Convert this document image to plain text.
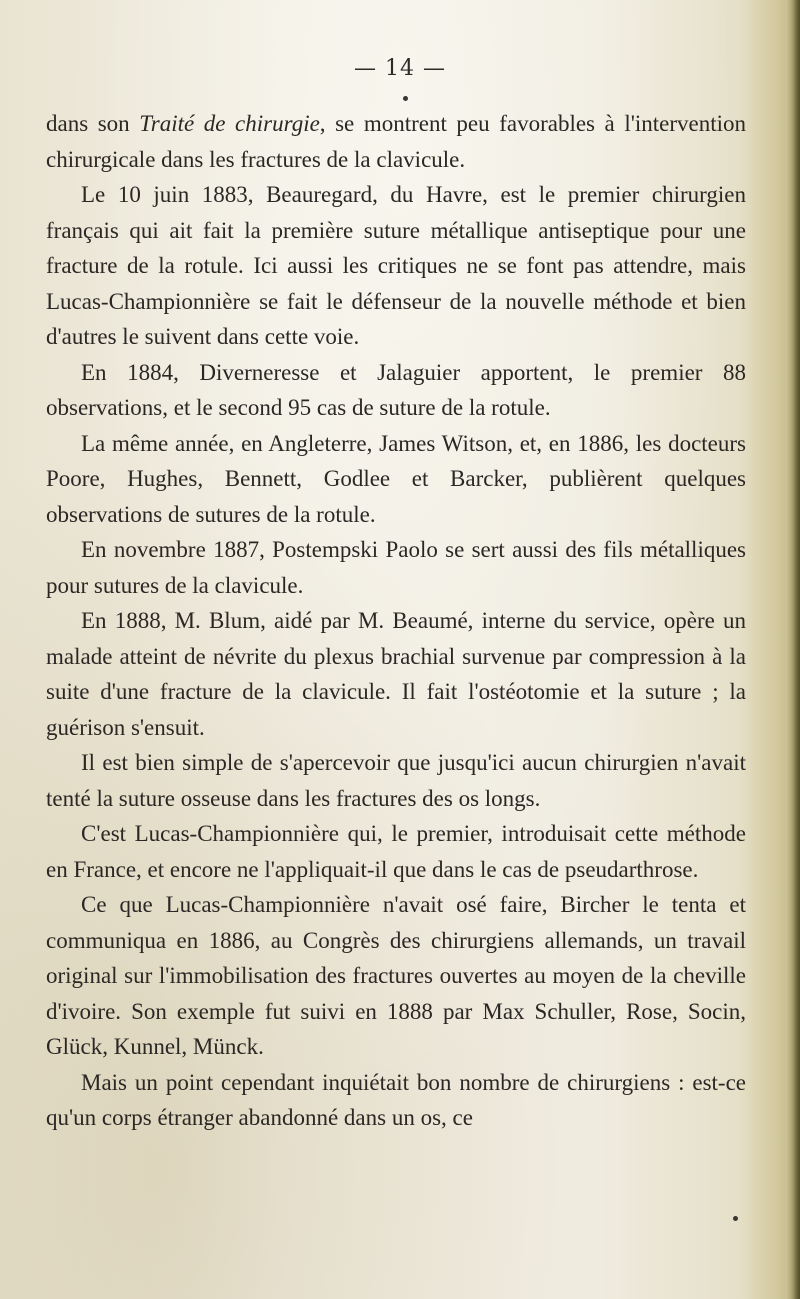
— 14 —

dans son Traité de chirurgie, se montrent peu favorables à l'intervention chirurgicale dans les fractures de la clavicule.

Le 10 juin 1883, Beauregard, du Havre, est le premier chirurgien français qui ait fait la première suture métallique antiseptique pour une fracture de la rotule. Ici aussi les critiques ne se font pas attendre, mais Lucas-Championnière se fait le défenseur de la nouvelle méthode et bien d'autres le suivent dans cette voie.

En 1884, Diverneresse et Jalaguier apportent, le premier 88 observations, et le second 95 cas de suture de la rotule.

La même année, en Angleterre, James Witson, et, en 1886, les docteurs Poore, Hughes, Bennett, Godlee et Barcker, publièrent quelques observations de sutures de la rotule.

En novembre 1887, Postempski Paolo se sert aussi des fils métalliques pour sutures de la clavicule.

En 1888, M. Blum, aidé par M. Beaumé, interne du service, opère un malade atteint de névrite du plexus brachial survenue par compression à la suite d'une fracture de la clavicule. Il fait l'ostéotomie et la suture ; la guérison s'ensuit.

Il est bien simple de s'apercevoir que jusqu'ici aucun chirurgien n'avait tenté la suture osseuse dans les fractures des os longs.

C'est Lucas-Championnière qui, le premier, introduisait cette méthode en France, et encore ne l'appliquait-il que dans le cas de pseudarthrose.

Ce que Lucas-Championnière n'avait osé faire, Bircher le tenta et communiqua en 1886, au Congrès des chirurgiens allemands, un travail original sur l'immobilisation des fractures ouvertes au moyen de la cheville d'ivoire. Son exemple fut suivi en 1888 par Max Schuller, Rose, Socin, Glück, Kunnel, Münck.

Mais un point cependant inquiétait bon nombre de chirurgiens : est-ce qu'un corps étranger abandonné dans un os, ce
